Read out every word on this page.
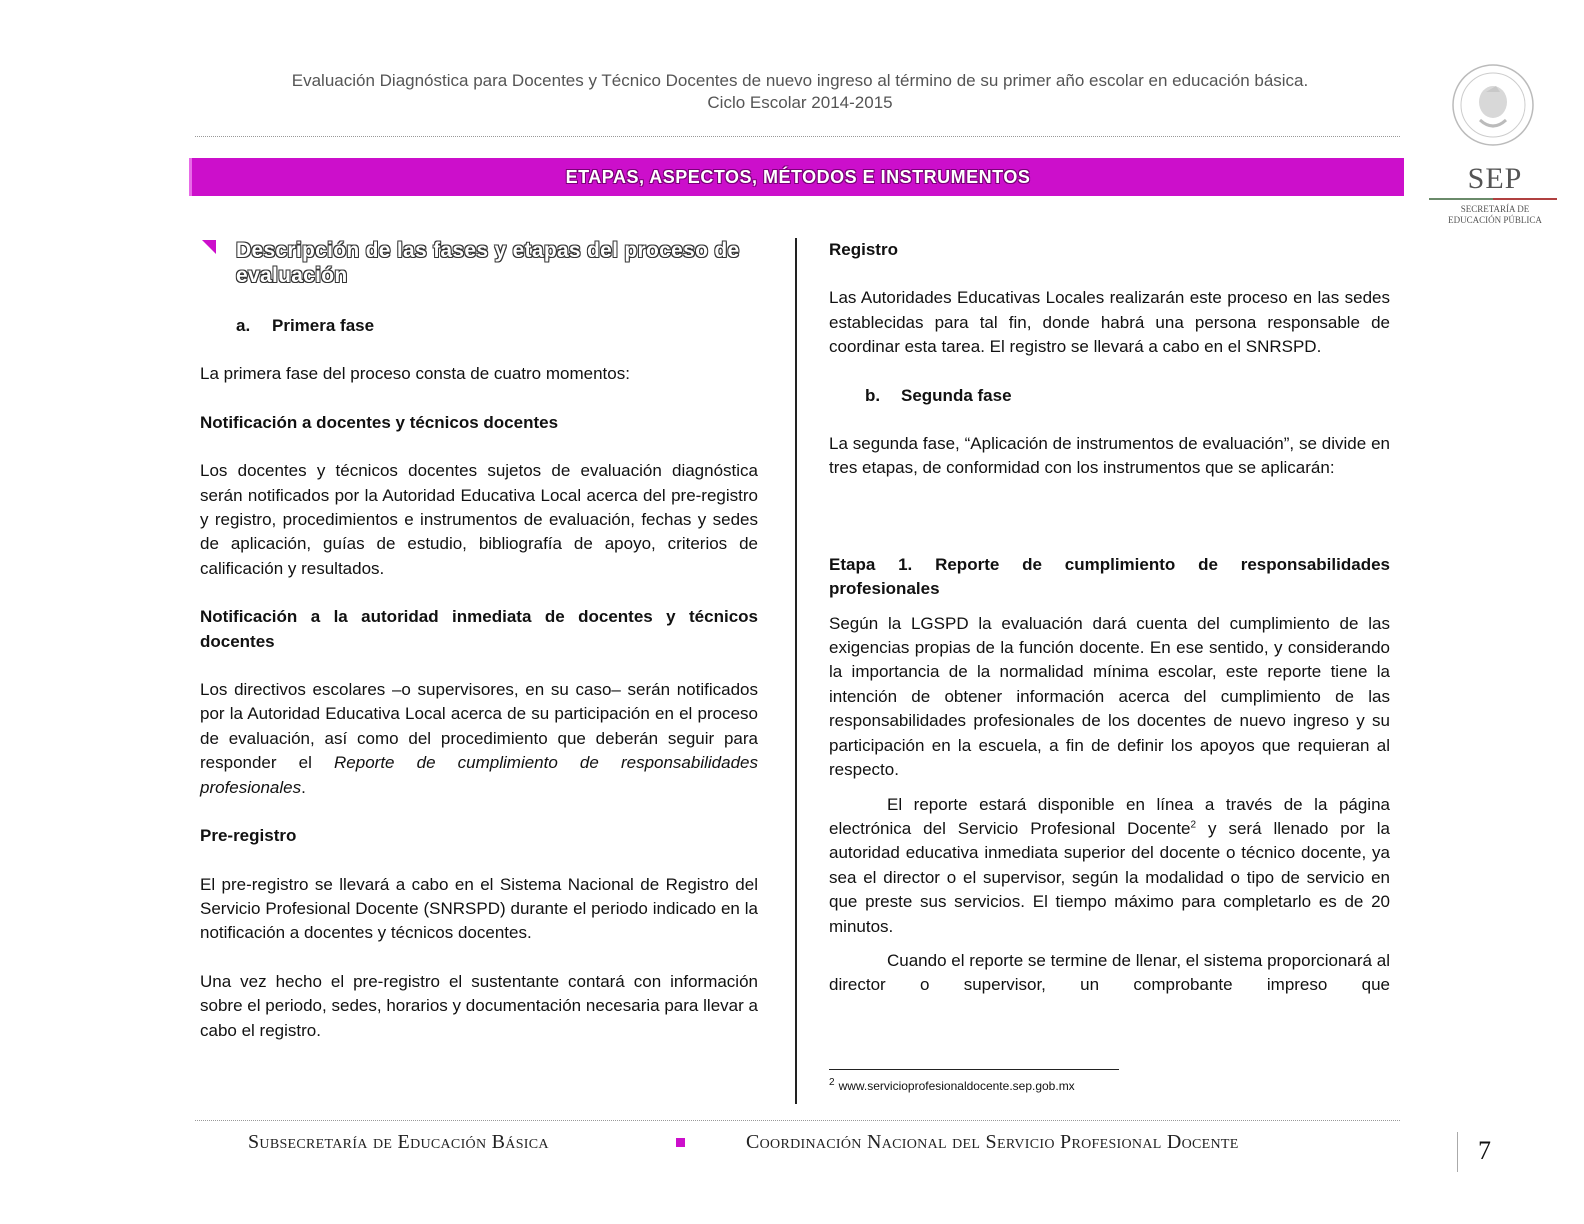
Evaluación Diagnóstica para Docentes y Técnico Docentes de nuevo ingreso al término de su primer año escolar en educación básica.
Ciclo Escolar 2014-2015
SEP
SECRETARÍA DE
EDUCACIÓN PÚBLICA
ETAPAS, ASPECTOS, MÉTODOS E INSTRUMENTOS
Descripción de las fases y etapas del proceso de evaluación
a. Primera fase

La primera fase del proceso consta de cuatro momentos:

Notificación a docentes y técnicos docentes

Los docentes y técnicos docentes sujetos de evaluación diagnóstica serán notificados por la Autoridad Educativa Local acerca del pre-registro y registro, procedimientos e instrumentos de evaluación, fechas y sedes de aplicación, guías de estudio, bibliografía de apoyo, criterios de calificación y resultados.

Notificación a la autoridad inmediata de docentes y técnicos docentes

Los directivos escolares –o supervisores, en su caso– serán notificados por la Autoridad Educativa Local acerca de su participación en el proceso de evaluación, así como del procedimiento que deberán seguir para responder el Reporte de cumplimiento de responsabilidades profesionales.

Pre-registro

El pre-registro se llevará a cabo en el Sistema Nacional de Registro del Servicio Profesional Docente (SNRSPD) durante el periodo indicado en la notificación a docentes y técnicos docentes.

Una vez hecho el pre-registro el sustentante contará con información sobre el periodo, sedes, horarios y documentación necesaria para llevar a cabo el registro.

Registro

Las Autoridades Educativas Locales realizarán este proceso en las sedes establecidas para tal fin, donde habrá una persona responsable de coordinar esta tarea. El registro se llevará a cabo en el SNRSPD.

b. Segunda fase

La segunda fase, “Aplicación de instrumentos de evaluación”, se divide en tres etapas, de conformidad con los instrumentos que se aplicarán:

Etapa 1. Reporte de cumplimiento de responsabilidades profesionales

Según la LGSPD la evaluación dará cuenta del cumplimiento de las exigencias propias de la función docente. En ese sentido, y considerando la importancia de la normalidad mínima escolar, este reporte tiene la intención de obtener información acerca del cumplimiento de las responsabilidades profesionales de los docentes de nuevo ingreso y su participación en la escuela, a fin de definir los apoyos que requieran al respecto.

El reporte estará disponible en línea a través de la página electrónica del Servicio Profesional Docente$^2$ y será llenado por la autoridad educativa inmediata superior del docente o técnico docente, ya sea el director o el supervisor, según la modalidad o tipo de servicio en que preste sus servicios. El tiempo máximo para completarlo es de 20 minutos.

Cuando el reporte se termine de llenar, el sistema proporcionará al director o supervisor, un comprobante impreso que

$^2$ www.servicioprofesionaldocente.sep.gob.mx
Subsecretaría de Educación Básica	Coordinación Nacional del Servicio Profesional Docente	7
